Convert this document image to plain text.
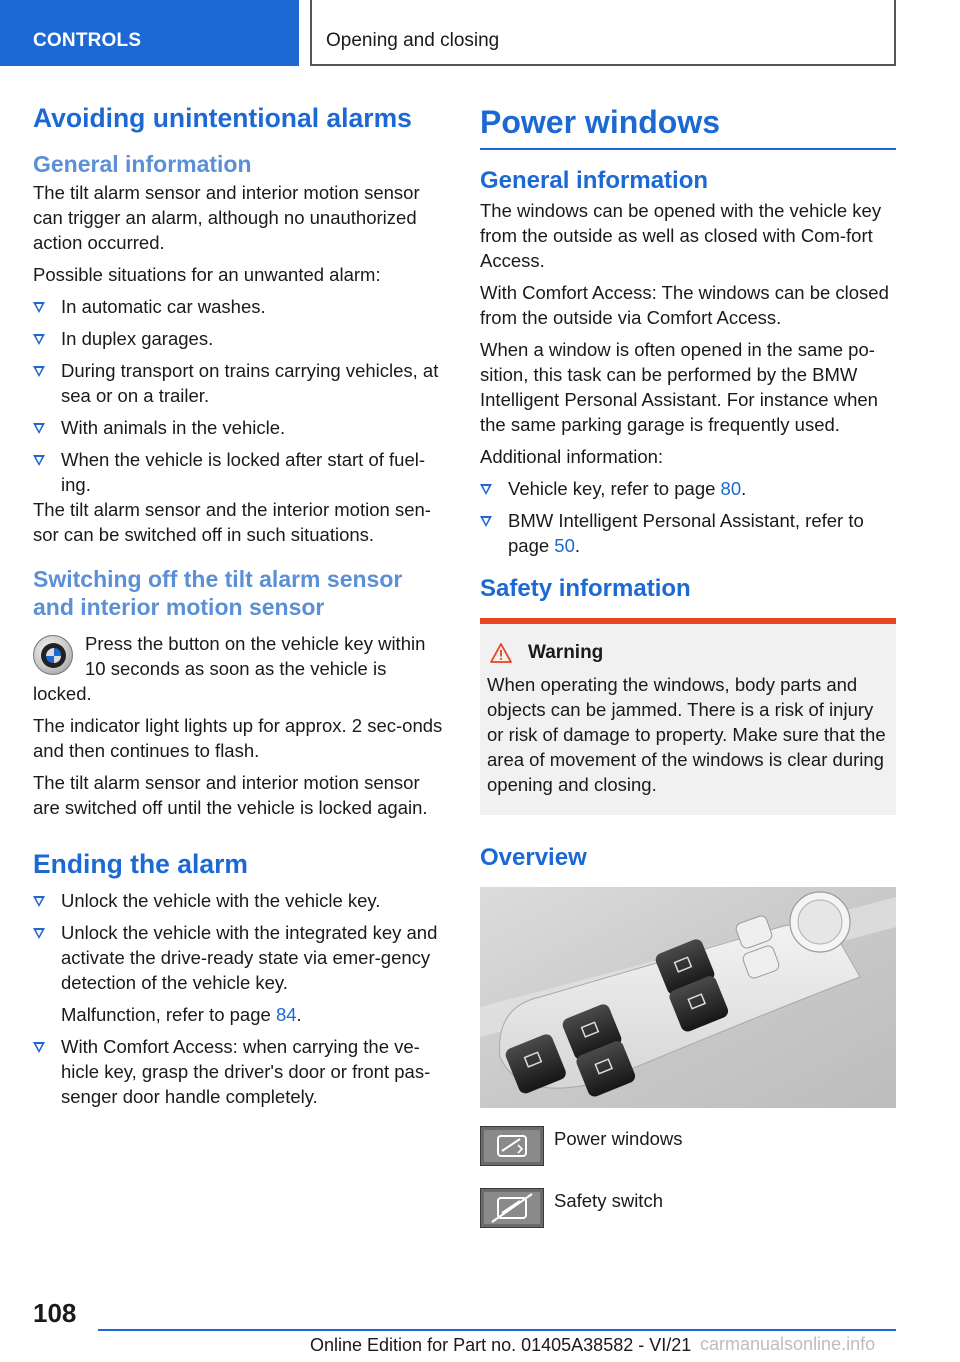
CONTROLS	Opening and closing
Avoiding unintentional alarms
General information

The tilt alarm sensor and interior motion sensor can trigger an alarm, although no unauthorized action occurred.

Possible situations for an unwanted alarm:

In automatic car washes.
In duplex garages.
During transport on trains carrying vehicles, at sea or on a trailer.
With animals in the vehicle.
When the vehicle is locked after start of fuel-ing.

The tilt alarm sensor and the interior motion sen-sor can be switched off in such situations.

Switching off the tilt alarm sensor and interior motion sensor
Press the button on the vehicle key within 10 seconds as soon as the vehicle is
locked.

The indicator light lights up for approx. 2 sec-onds and then continues to flash.

The tilt alarm sensor and interior motion sensor are switched off until the vehicle is locked again.

Ending the alarm
Unlock the vehicle with the vehicle key.
Unlock the vehicle with the integrated key and activate the drive-ready state via emer-gency detection of the vehicle key.
Malfunction, refer to page 84.
With Comfort Access: when carrying the ve-hicle key, grasp the driver's door or front pas-senger door handle completely.
Power windows
General information

The windows can be opened with the vehicle key from the outside as well as closed with Com-fort Access.

With Comfort Access: The windows can be closed from the outside via Comfort Access.

When a window is often opened in the same po-sition, this task can be performed by the BMW Intelligent Personal Assistant. For instance when the same parking garage is frequently used.

Additional information:

Vehicle key, refer to page 80.
BMW Intelligent Personal Assistant, refer to page 50.
Safety information
Warning

When operating the windows, body parts and objects can be jammed. There is a risk of injury or risk of damage to property. Make sure that the area of movement of the windows is clear during opening and closing.

Overview
Power windows
Safety switch
108
Online Edition for Part no. 01405A38582 - VI/21 carmanualsonline.info
